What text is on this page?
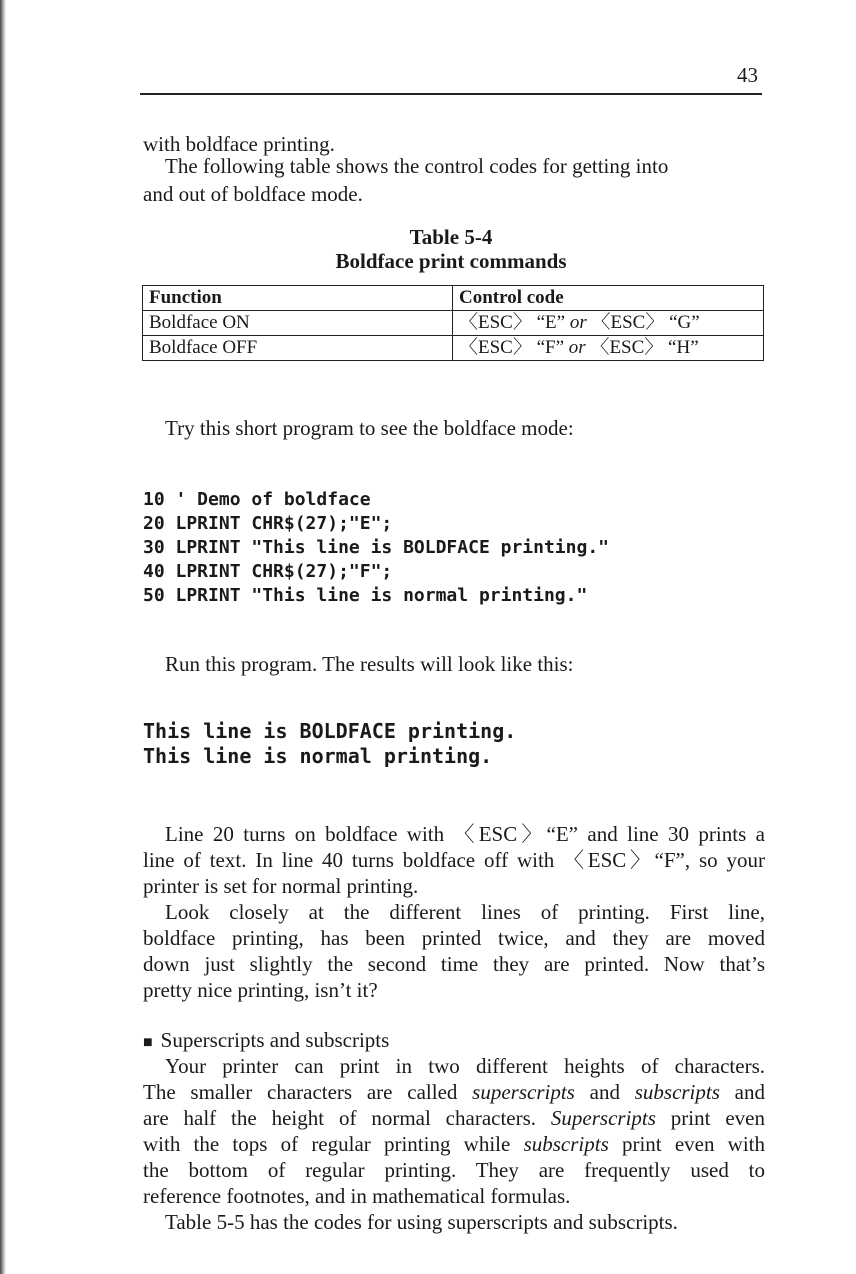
43

with boldface printing.

The following table shows the control codes for getting into

and out of boldface mode.

Table 5-4
Boldface print commands
Function	Control code
Boldface ON	〈ESC〉 “E” or 〈ESC〉 “G”
Boldface OFF	〈ESC〉 “F” or 〈ESC〉 “H”

Try this short program to see the boldface mode:

10 ' Demo of boldface

20 LPRINT CHR$(27);"E";

30 LPRINT "This line is BOLDFACE printing."

40 LPRINT CHR$(27);"F";

50 LPRINT "This line is normal printing."

Run this program. The results will look like this:

This line is BOLDFACE printing.

This line is normal printing.

Line 20 turns on boldface with 〈ESC〉“E” and line 30 prints a

line of text. In line 40 turns boldface off with 〈ESC〉“F”, so your

printer is set for normal printing.

Look closely at the different lines of printing. First line,

boldface printing, has been printed twice, and they are moved

down just slightly the second time they are printed. Now that’s

pretty nice printing, isn’t it?

■ Superscripts and subscripts

Your printer can print in two different heights of characters.

The smaller characters are called superscripts and subscripts and

are half the height of normal characters. Superscripts print even

with the tops of regular printing while subscripts print even with

the bottom of regular printing. They are frequently used to

reference footnotes, and in mathematical formulas.

Table 5-5 has the codes for using superscripts and subscripts.
